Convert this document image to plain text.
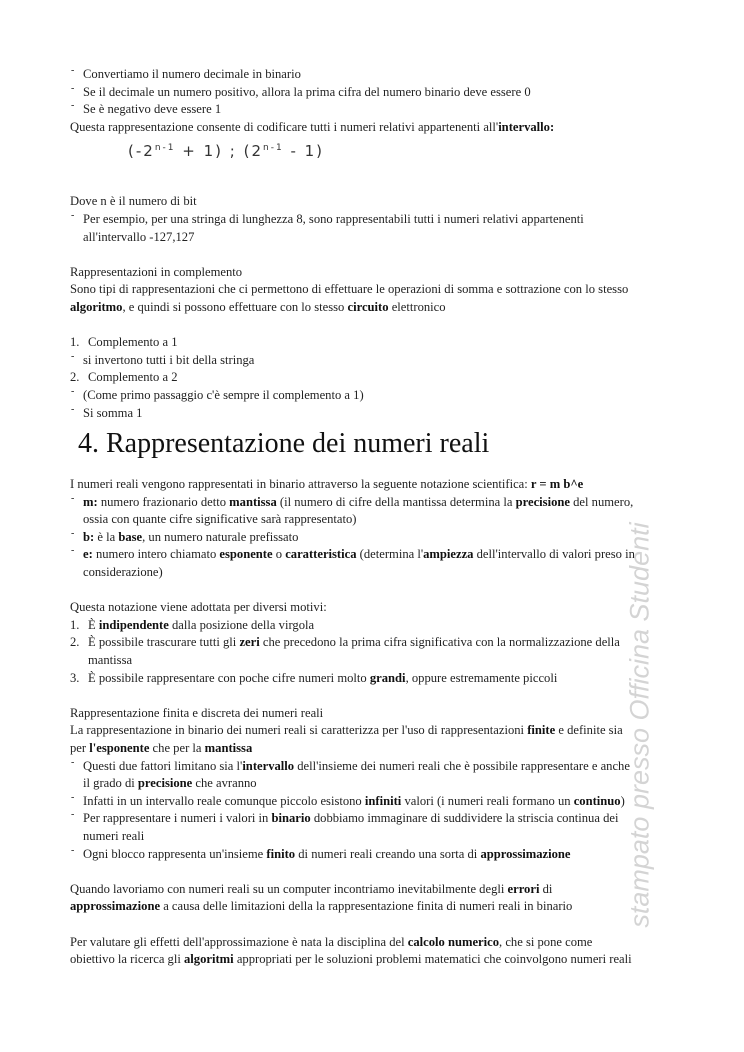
- Convertiamo il numero decimale in binario
- Se il decimale un numero positivo, allora la prima cifra del numero binario deve essere 0
- Se è negativo deve essere 1
Questa rappresentazione consente di codificare tutti i numeri relativi appartenenti all'intervallo:
$(-2^{n-1} + 1)$ ; (2$^{n-1}$ - 1)
Dove n è il numero di bit
- Per esempio, per una stringa di lunghezza 8, sono rappresentabili tutti i numeri relativi appartenenti
all'intervallo -127,127
Rappresentazioni in complemento
Sono tipi di rappresentazioni che ci permettono di effettuare le operazioni di somma e sottrazione con lo stesso
algoritmo, e quindi si possono effettuare con lo stesso circuito elettronico
1. Complemento a 1
- si invertono tutti i bit della stringa
2. Complemento a 2
- (Come primo passaggio c'è sempre il complemento a 1)
- Si somma 1
4. Rappresentazione dei numeri reali
I numeri reali vengono rappresentati in binario attraverso la seguente notazione scientifica: r = m b^e
- m: numero frazionario detto mantissa (il numero di cifre della mantissa determina la precisione del numero,
ossia con quante cifre significative sarà rappresentato)
- b: è la base, un numero naturale prefissato
- e: numero intero chiamato esponente o caratteristica (determina l'ampiezza dell'intervallo di valori preso in
considerazione)
Questa notazione viene adottata per diversi motivi:
1. È indipendente dalla posizione della virgola
2. È possibile trascurare tutti gli zeri che precedono la prima cifra significativa con la normalizzazione della
mantissa
3. È possibile rappresentare con poche cifre numeri molto grandi, oppure estremamente piccoli
Rappresentazione finita e discreta dei numeri reali
La rappresentazione in binario dei numeri reali si caratterizza per l'uso di rappresentazioni finite e definite sia
per l'esponente che per la mantissa
- Questi due fattori limitano sia l'intervallo dell'insieme dei numeri reali che è possibile rappresentare e anche
il grado di precisione che avranno
- Infatti in un intervallo reale comunque piccolo esistono infiniti valori (i numeri reali formano un continuo)
- Per rappresentare i numeri i valori in binario dobbiamo immaginare di suddividere la striscia continua dei
numeri reali
- Ogni blocco rappresenta un'insieme finito di numeri reali creando una sorta di approssimazione
Quando lavoriamo con numeri reali su un computer incontriamo inevitabilmente degli errori di
approssimazione a causa delle limitazioni della la rappresentazione finita di numeri reali in binario
Per valutare gli effetti dell'approssimazione è nata la disciplina del calcolo numerico, che si pone come
obiettivo la ricerca gli algoritmi appropriati per le soluzioni problemi matematici che coinvolgono numeri reali
stampato presso Officina Studenti
